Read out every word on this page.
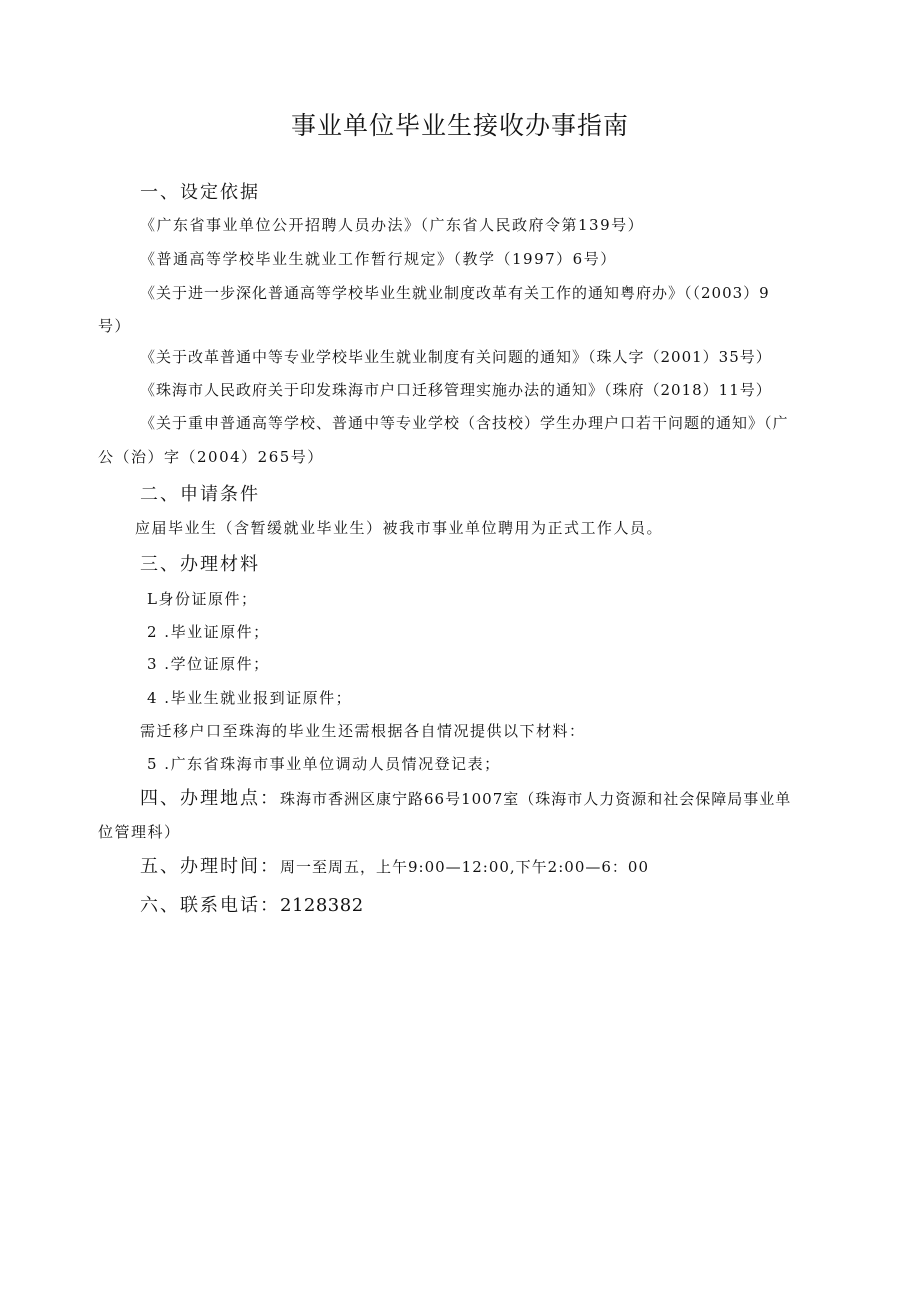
事业单位毕业生接收办事指南
一、设定依据
《广东省事业单位公开招聘人员办法》（广东省人民政府令第139号）
《普通高等学校毕业生就业工作暂行规定》（教学（1997）6号）
《关于进一步深化普通高等学校毕业生就业制度改革有关工作的通知粤府办》（（2003）9
号）
《关于改革普通中等专业学校毕业生就业制度有关问题的通知》（珠人字（2001）35号）
《珠海市人民政府关于印发珠海市户口迁移管理实施办法的通知》（珠府（2018）11号）
《关于重申普通高等学校、普通中等专业学校（含技校）学生办理户口若干问题的通知》（广
公（治）字（2004）265号）
二、申请条件
应届毕业生（含暂缓就业毕业生）被我市事业单位聘用为正式工作人员。
三、办理材料
L身份证原件；
2 .毕业证原件；
3 .学位证原件；
4 .毕业生就业报到证原件；
需迁移户口至珠海的毕业生还需根据各自情况提供以下材料：
5 .广东省珠海市事业单位调动人员情况登记表；
四、办理地点：珠海市香洲区康宁路66号1007室（珠海市人力资源和社会保障局事业单
位管理科）
五、办理时间：周一至周五，上午9:00—12:00,下午2:00—6：00
六、联系电话：2128382
